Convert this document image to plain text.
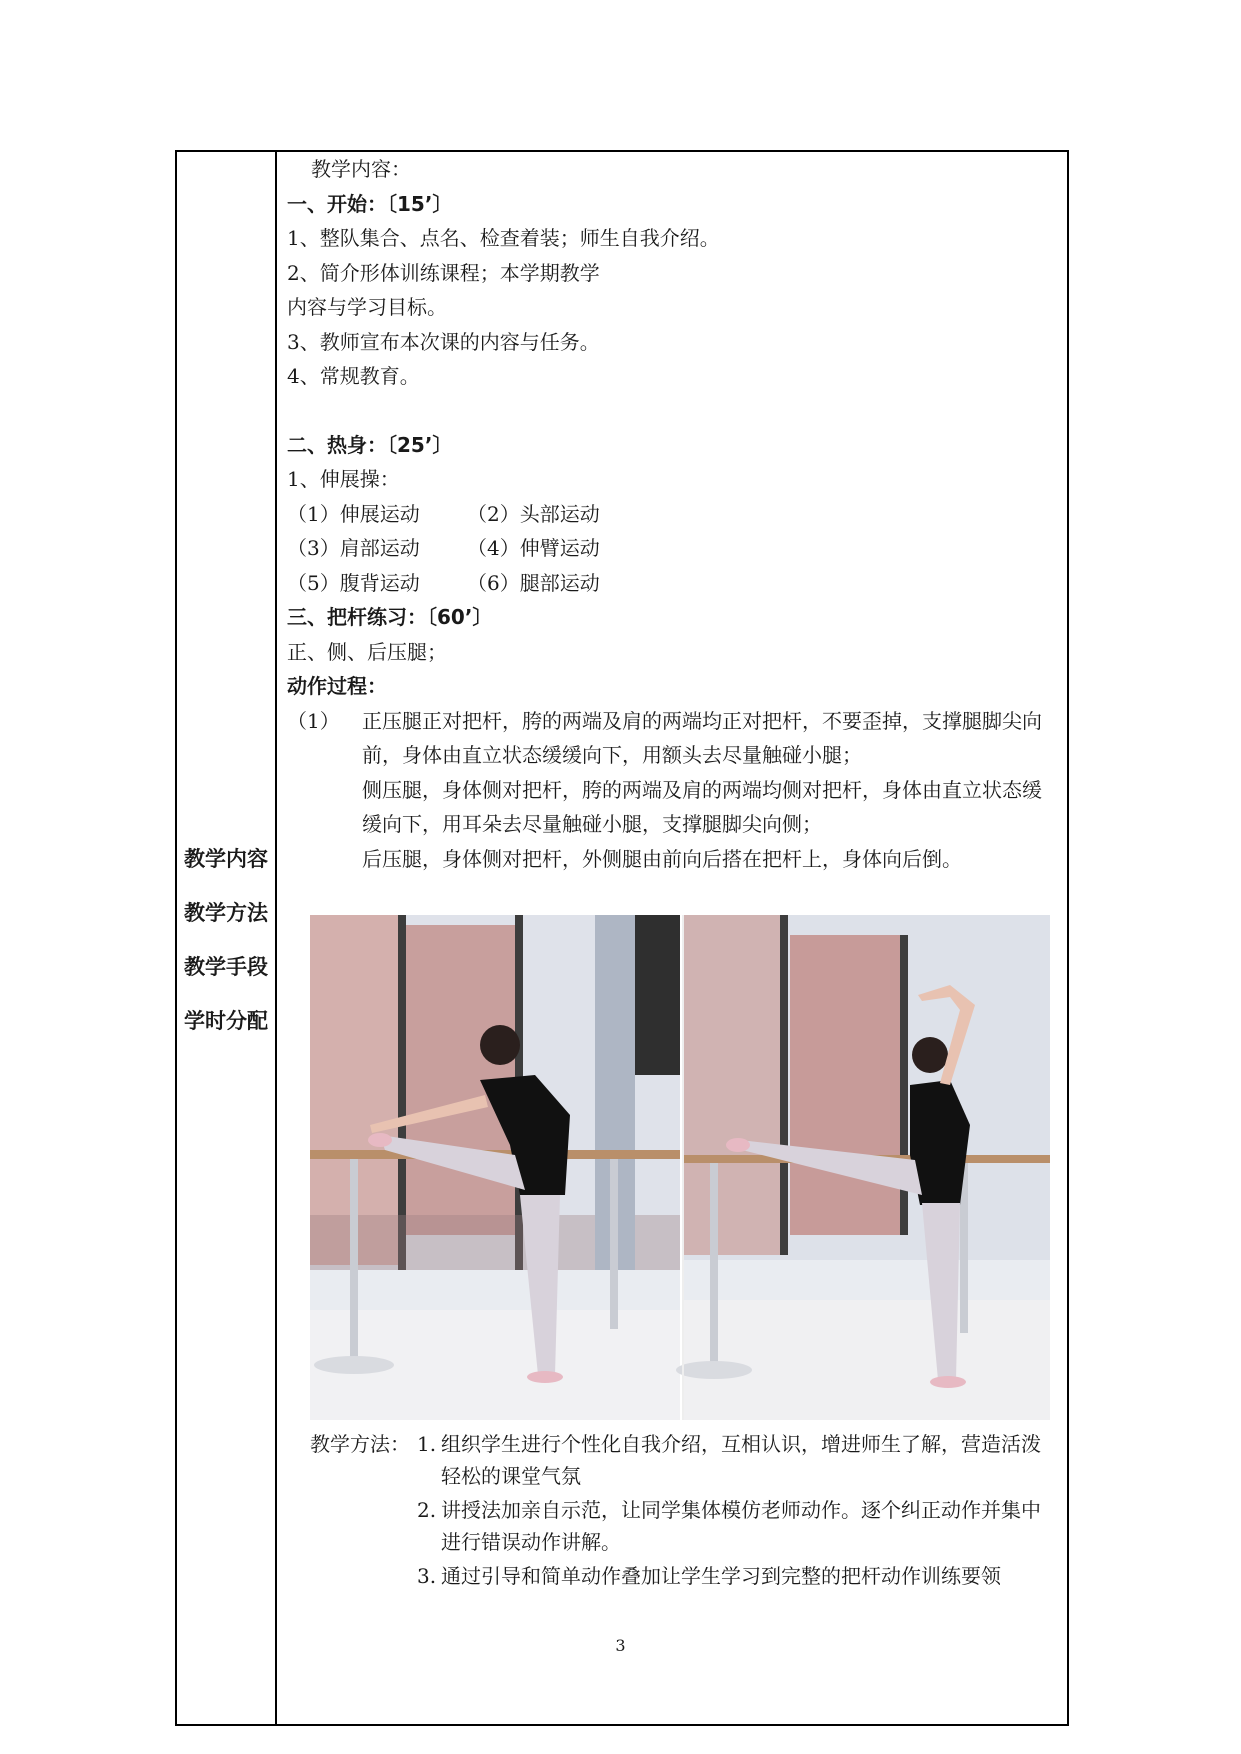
教学内容
教学方法
教学手段
学时分配
教学内容：
一、开始：〔15’〕
1、整队集合、点名、检查着装；师生自我介绍。
2、简介形体训练课程；本学期教学
内容与学习目标。
3、教师宣布本次课的内容与任务。
4、常规教育。
二、热身：〔25’〕
1、伸展操：
（1）伸展运动 （2）头部运动
（3）肩部运动 （4）伸臂运动
（5）腹背运动 （6）腿部运动
三、把杆练习：〔60’〕
正、侧、后压腿；
动作过程：
（1）	正压腿正对把杆，胯的两端及肩的两端均正对把杆，不要歪掉，支撑腿脚尖向前，身体由直立状态缓缓向下，用额头去尽量触碰小腿；
侧压腿，身体侧对把杆，胯的两端及肩的两端均侧对把杆，身体由直立状态缓缓向下，用耳朵去尽量触碰小腿，支撑腿脚尖向侧；
后压腿，身体侧对把杆，外侧腿由前向后搭在把杆上，身体向后倒。
教学方法： 1. 组织学生进行个性化自我介绍，互相认识，增进师生了解，营造活泼轻松的课堂气氛
2. 讲授法加亲自示范，让同学集体模仿老师动作。逐个纠正动作并集中进行错误动作讲解。
3. 通过引导和简单动作叠加让学生学习到完整的把杆动作训练要领
3
